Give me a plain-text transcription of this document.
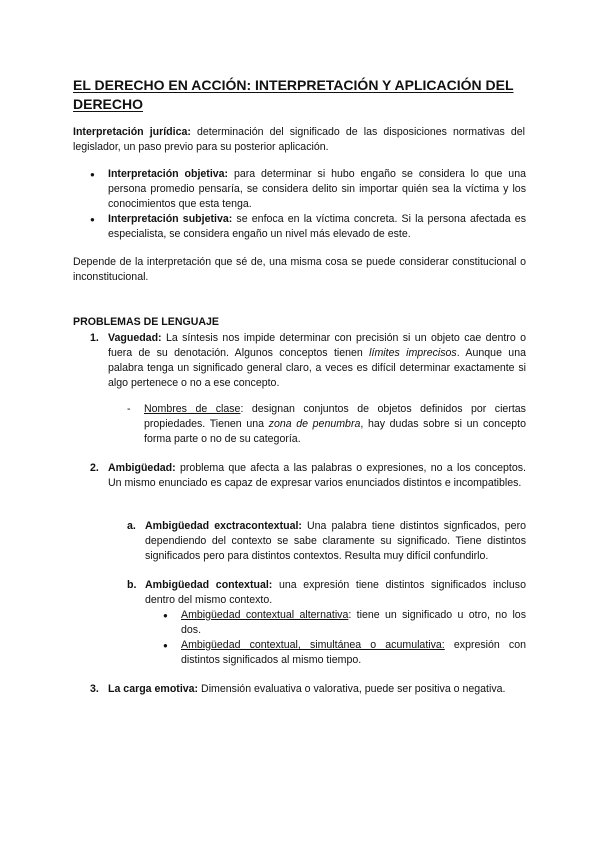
EL DERECHO EN ACCIÓN: INTERPRETACIÓN Y APLICACIÓN DEL DERECHO

Interpretación jurídica: determinación del significado de las disposiciones normativas del legislador, un paso previo para su posterior aplicación.

● Interpretación objetiva: para determinar si hubo engaño se considera lo que una persona promedio pensaría, se considera delito sin importar quién sea la víctima y los conocimientos que esta tenga.

● Interpretación subjetiva: se enfoca en la víctima concreta. Si la persona afectada es especialista, se considera engaño un nivel más elevado de este.

Depende de la interpretación que sé de, una misma cosa se puede considerar constitucional o inconstitucional.

PROBLEMAS DE LENGUAJE
1. Vaguedad: La síntesis nos impide determinar con precisión si un objeto cae dentro o fuera de su denotación. Algunos conceptos tienen límites imprecisos. Aunque una palabra tenga un significado general claro, a veces es difícil determinar exactamente si algo pertenece o no a ese concepto.

- Nombres de clase: designan conjuntos de objetos definidos por ciertas propiedades. Tienen una zona de penumbra, hay dudas sobre si un concepto forma parte o no de su categoría.

2. Ambigüedad: problema que afecta a las palabras o expresiones, no a los conceptos. Un mismo enunciado es capaz de expresar varios enunciados distintos e incompatibles.

a. Ambigüedad exctracontextual: Una palabra tiene distintos signficados, pero dependiendo del contexto se sabe claramente su significado. Tiene distintos significados pero para distintos contextos. Resulta muy difícil confundirlo.

b. Ambigüedad contextual: una expresión tiene distintos significados incluso dentro del mismo contexto.

● Ambigüedad contextual alternativa: tiene un significado u otro, no los dos.

● Ambigüedad contextual, simultánea o acumulativa: expresión con distintos significados al mismo tiempo.

3. La carga emotiva: Dimensión evaluativa o valorativa, puede ser positiva o negativa.
